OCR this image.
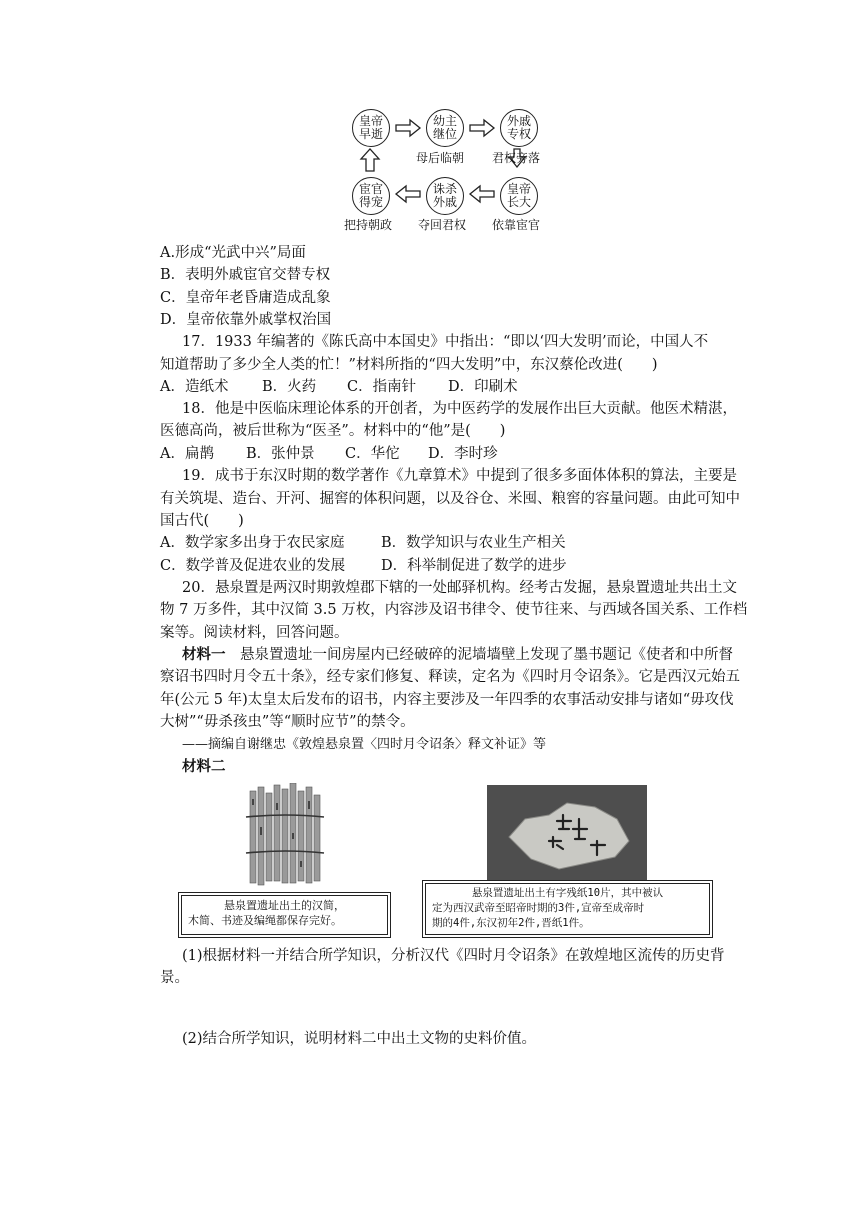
皇帝
早逝
幼主
继位
外戚
专权
皇帝
长大
诛杀
外戚
宦官
得宠
母后临朝 君权旁落
依靠宦官
夺回君权
把持朝政
A.形成“光武中兴”局面
B．表明外戚宦官交替专权
C．皇帝年老昏庸造成乱象
D．皇帝依靠外戚掌权治国
17．1933 年编著的《陈氏高中本国史》中指出：“即以‘四大发明’而论，中国人不
知道帮助了多少全人类的忙！”材料所指的“四大发明”中，东汉蔡伦改进(　　)
A．造纸术 B．火药 C．指南针 D．印刷术
18．他是中医临床理论体系的开创者，为中医药学的发展作出巨大贡献。他医术精湛，
医德高尚，被后世称为“医圣”。材料中的“他”是(　　)
A．扁鹊 B．张仲景 C．华佗 D．李时珍
19．成书于东汉时期的数学著作《九章算术》中提到了很多多面体体积的算法，主要是
有关筑堤、造台、开河、掘窖的体积问题，以及谷仓、米囤、粮窖的容量问题。由此可知中
国古代(　　)
A．数学家多出身于农民家庭	B．数学知识与农业生产相关
C．数学普及促进农业的发展 D．科举制促进了数学的进步
20．悬泉置是两汉时期敦煌郡下辖的一处邮驿机构。经考古发掘，悬泉置遗址共出土文
物 7 万多件，其中汉简 3.5 万枚，内容涉及诏书律令、使节往来、与西域各国关系、工作档
案等。阅读材料，回答问题。
材料一　悬泉置遗址一间房屋内已经破碎的泥墙墙壁上发现了墨书题记《使者和中所督
察诏书四时月令五十条》，经专家们修复、释读，定名为《四时月令诏条》。它是西汉元始五
年(公元 5 年)太皇太后发布的诏书，内容主要涉及一年四季的农事活动安排与诸如“毋攻伐
大树”“毋杀孩虫”等“顺时应节”的禁令。
——摘编自谢继忠《敦煌悬泉置〈四时月令诏条〉释文补证》等
材料二
悬泉置遗址出土的汉简，
木简、书迹及编绳都保存完好。
悬泉置遗址出土有字残纸10片，其中被认
定为西汉武帝至昭帝时期的3件,宣帝至成帝时
期的4件,东汉初年2件,晋纸1件。
(1)根据材料一并结合所学知识，分析汉代《四时月令诏条》在敦煌地区流传的历史背
景。
(2)结合所学知识，说明材料二中出土文物的史料价值。
